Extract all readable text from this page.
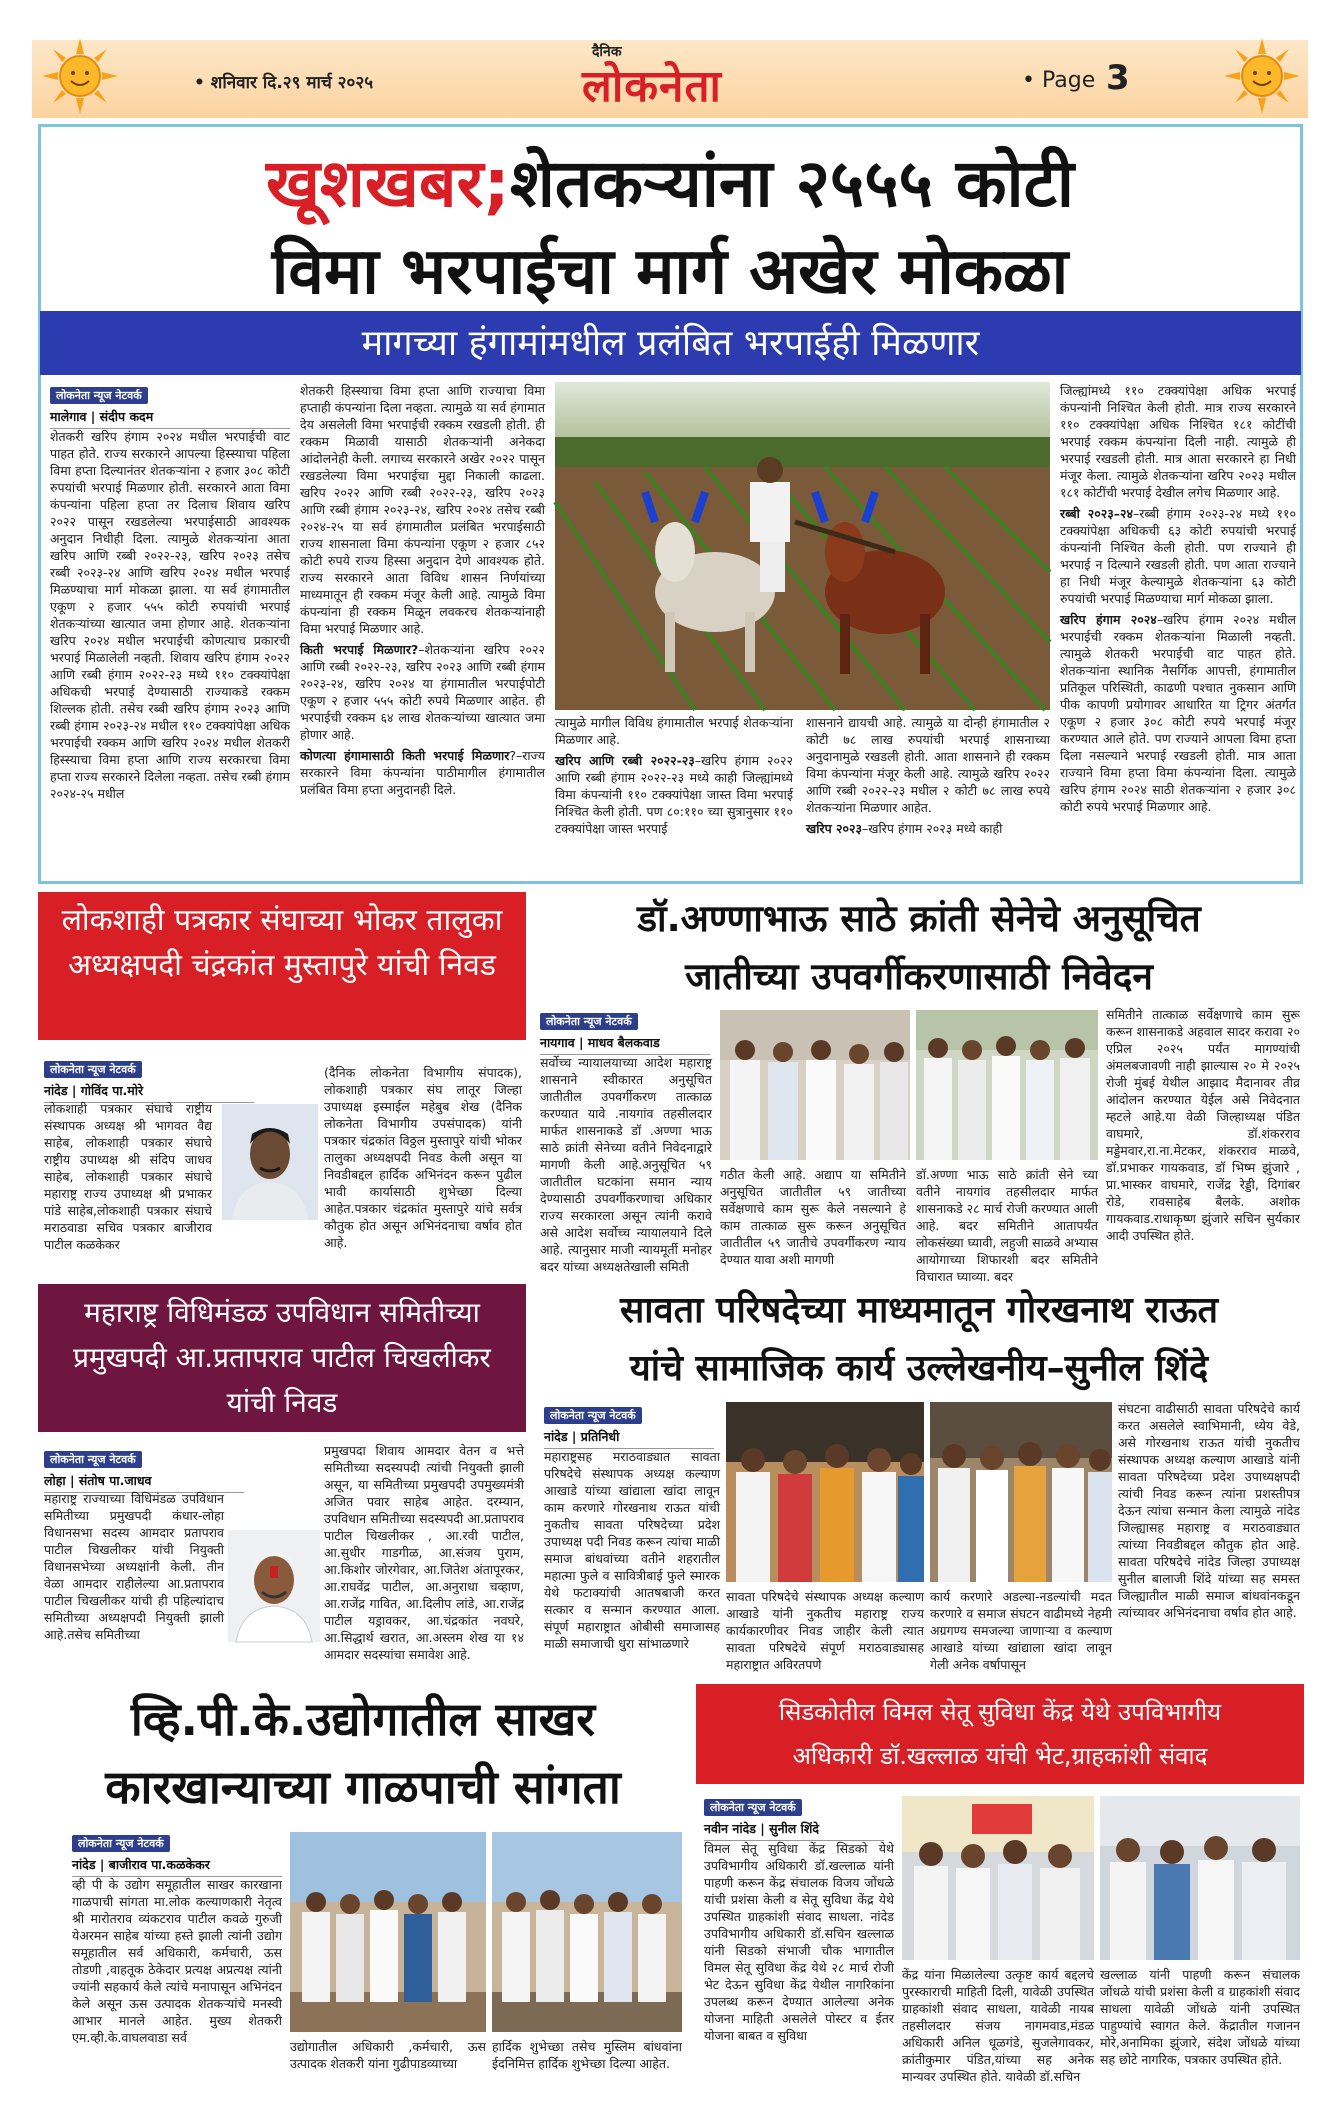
• शनिवार दि.२९ मार्च २०२५
दैनिक
लोकनेता	• Page 3
खूशखबर;शेतकऱ्यांना २५५५ कोटी
विमा भरपाईचा मार्ग अखेर मोकळा
मागच्या हंगामांमधील प्रलंबित भरपाईही मिळणार
लोकनेता न्यूज नेटवर्क
मालेगाव | संदीप कदम
शेतकरी खरिप हंगाम २०२४ मधील भरपाईची वाट पाहत होते. राज्य सरकारने आपल्या हिस्स्याचा पहिला विमा हप्ता दिल्यानंतर शेतकऱ्यांना २ हजार ३०८ कोटी रुपयांची भरपाई मिळणार होती. सरकारने आता विमा कंपन्यांना पहिला हप्ता तर दिलाच शिवाय खरिप २०२२ पासून रखडलेल्या भरपाईसाठी आवश्यक अनुदान निधीही दिला. त्यामुळे शेतकऱ्यांना आता खरिप आणि रब्बी २०२२-२३, खरिप २०२३ तसेच रब्बी २०२३-२४ आणि खरिप २०२४ मधील भरपाई मिळण्याचा मार्ग मोकळा झाला. या सर्व हंगामातील एकूण २ हजार ५५५ कोटी रुपयांची भरपाई शेतकऱ्यांच्या खात्यात जमा होणार आहे. शेतकऱ्यांना खरिप २०२४ मधील भरपाईची कोणत्याच प्रकारची भरपाई मिळालेली नव्हती. शिवाय खरिप हंगाम २०२२ आणि रब्बी हंगाम २०२२-२३ मध्ये ११० टक्क्यांपेक्षा अधिकची भरपाई देण्यासाठी राज्याकडे रक्कम शिल्लक होती. तसेच रब्बी खरिप हंगाम २०२३ आणि रब्बी हंगाम २०२३-२४ मधील ११० टक्क्यांपेक्षा अधिक भरपाईची रक्कम आणि खरिप २०२४ मधील शेतकरी हिस्स्याचा विमा हप्ता आणि राज्य सरकारचा विमा हप्ता राज्य सरकारने दिलेला नव्हता. तसेच रब्बी हंगाम २०२४-२५ मधील

शेतकरी हिस्स्याचा विमा हप्ता आणि राज्याचा विमा हप्ताही कंपन्यांना दिला नव्हता. त्यामुळे या सर्व हंगामात देय असलेली विमा भरपाईची रक्कम रखडली होती. ही रक्कम मिळावी यासाठी शेतकऱ्यांनी अनेकदा आंदोलनेही केली. लगाच्य सरकारने अखेर २०२२ पासून रखडलेल्या विमा भरपाईचा मुद्दा निकाली काढला. खरिप २०२२ आणि रब्बी २०२२-२३, खरिप २०२३ आणि रब्बी हंगाम २०२३-२४, खरिप २०२४ तसेच रब्बी २०२४-२५ या सर्व हंगामातील प्रलंबित भरपाईसाठी राज्य शासनाला विमा कंपन्यांना एकूण २ हजार ८५२ कोटी रुपये राज्य हिस्सा अनुदान देणे आवश्यक होते. राज्य सरकारने आता विविध शासन निर्णयांच्या माध्यमातून ही रक्कम मंजूर केली आहे. त्यामुळे विमा कंपन्यांना ही रक्कम मिळून लवकरच शेतकऱ्यांनाही विमा भरपाई मिळणार आहे.

किती भरपाई मिळणार?–शेतकऱ्यांना खरिप २०२२ आणि रब्बी २०२२-२३, खरिप २०२३ आणि रब्बी हंगाम २०२३-२४, खरिप २०२४ या हंगामातील भरपाईपोटी एकूण २ हजार ५५५ कोटी रुपये मिळणार आहेत. ही भरपाईची रक्कम ६४ लाख शेतकऱ्यांच्या खात्यात जमा होणार आहे.

कोणत्या हंगामासाठी किती भरपाई मिळणार?–राज्य सरकारने विमा कंपन्यांना पाठीमागील हंगामातील प्रलंबित विमा हप्ता अनुदानही दिले.

त्यामुळे मागील विविध हंगामातील भरपाई शेतकऱ्यांना मिळणार आहे.

खरिप आणि रब्बी २०२२-२३–खरिप हंगाम २०२२ आणि रब्बी हंगाम २०२२-२३ मध्ये काही जिल्ह्यांमध्ये विमा कंपन्यांनी ११० टक्क्यांपेक्षा जास्त विमा भरपाई निश्चित केली होती. पण ८०:११० च्या सुत्रानुसार ११० टक्क्यांपेक्षा जास्त भरपाई

शासनाने द्यायची आहे. त्यामुळे या दोन्ही हंगामातील २ कोटी ७८ लाख रुपयांची भरपाई शासनाच्या अनुदानामुळे रखडली होती. आता शासनाने ही रक्कम विमा कंपन्यांना मंजूर केली आहे. त्यामुळे खरिप २०२२ आणि रब्बी २०२२-२३ मधील २ कोटी ७८ लाख रुपये शेतकऱ्यांना मिळणार आहेत.

खरिप २०२३–खरिप हंगाम २०२३ मध्ये काही

जिल्ह्यांमध्ये ११० टक्क्यांपेक्षा अधिक भरपाई कंपन्यांनी निश्चित केली होती. मात्र राज्य सरकारने ११० टक्क्यांपेक्षा अधिक निश्चित १८१ कोटींची भरपाई रक्कम कंपन्यांना दिली नाही. त्यामुळे ही भरपाई रखडली होती. मात्र आता सरकारने हा निधी मंजूर केला. त्यामुळे शेतकऱ्यांना खरिप २०२३ मधील १८१ कोटींची भरपाई देखील लगेच मिळणार आहे.

रब्बी २०२३–२४–रब्बी हंगाम २०२३-२४ मध्ये ११० टक्क्यांपेक्षा अधिकची ६३ कोटी रुपयांची भरपाई कंपन्यांनी निश्चित केली होती. पण राज्याने ही भरपाई न दिल्याने रखडली होती. पण आता राज्याने हा निधी मंजूर केल्यामुळे शेतकऱ्यांना ६३ कोटी रुपयांची भरपाई मिळण्याचा मार्ग मोकळा झाला.

खरिप हंगाम २०२४–खरिप हंगाम २०२४ मधील भरपाईची रक्कम शेतकऱ्यांना मिळाली नव्हती. त्यामुळे शेतकरी भरपाईची वाट पाहत होते. शेतकऱ्यांना स्थानिक नैसर्गिक आपत्ती, हंगामातील प्रतिकूल परिस्थिती, काढणी पश्चात नुकसान आणि पीक कापणी प्रयोगावर आधारित या ट्रिगर अंतर्गत एकूण २ हजार ३०८ कोटी रुपये भरपाई मंजूर करण्यात आले होते. पण राज्याने आपला विमा हप्ता दिला नसल्याने भरपाई रखडली होती. मात्र आता राज्याने विमा हप्ता विमा कंपन्यांना दिला. त्यामुळे खरिप हंगाम २०२४ साठी शेतकऱ्यांना २ हजार ३०८ कोटी रुपये भरपाई मिळणार आहे.

लोकशाही पत्रकार संघाच्या भोकर तालुका अध्यक्षपदी चंद्रकांत मुस्तापुरे यांची निवड
लोकनेता न्यूज नेटवर्क
नांदेड | गोविंद पा.मोरे
लोकशाही पत्रकार संघाचे राष्ट्रीय संस्थापक अध्यक्ष श्री भागवत वैद्य साहेब, लोकशाही पत्रकार संघाचे राष्ट्रीय उपाध्यक्ष श्री संदिप जाधव साहेब, लोकशाही पत्रकार संघाचे महाराष्ट्र राज्य उपाध्यक्ष श्री प्रभाकर पांडे साहेब,लोकशाही पत्रकार संघाचे मराठवाडा सचिव पत्रकार बाजीराव पाटील कळकेकर
(दैनिक लोकनेता विभागीय संपादक), लोकशाही पत्रकार संघ लातूर जिल्हा उपाध्यक्ष इस्माईल महेबुब शेख (दैनिक लोकनेता विभागीय उपसंपादक) यांनी पत्रकार चंद्रकांत विठ्ठल मुस्तापुरे यांची भोकर तालुका अध्यक्षपदी निवड केली असून या निवडीबद्दल हार्दिक अभिनंदन करून पुढील भावी कार्यासाठी शुभेच्छा दिल्या आहेत.पत्रकार चंद्रकांत मुस्तापुरे यांचे सर्वत्र कौतुक होत असून अभिनंदनाचा वर्षाव होत आहे.
डॉ.अण्णाभाऊ साठे क्रांती सेनेचे अनुसूचित
जातीच्या उपवर्गीकरणासाठी निवेदन
लोकनेता न्यूज नेटवर्क
नायगाव | माधव बैलकवाड
सर्वोच्च न्यायालयाच्या आदेश महाराष्ट्र शासनाने स्वीकारत अनुसूचित जातीतील उपवर्गीकरण तात्काळ करण्यात यावे .नायगांव तहसीलदार मार्फत शासनाकडे डॉ .अण्णा भाऊ साठे क्रांती सेनेच्या वतीने निवेदनाद्वारे मागणी केली आहे.अनुसूचित ५९ जातीतील घटकांना समान न्याय देण्यासाठी उपवर्गीकरणाचा अधिकार राज्य सरकारला असून त्यांनी करावे असे आदेश सर्वोच्च न्यायालयाने दिले आहे. त्यानुसार माजी न्यायमूर्ती मनोहर बदर यांच्या अध्यक्षतेखाली समिती
गठीत केली आहे. अद्याप या समितीने अनुसूचित जातीतील ५९ जातीच्या सर्वेक्षणाचे काम सुरू केले नसल्याने हे काम तात्काळ सुरू करून अनुसूचित जातीतील ५९ जातीचे उपवर्गीकरण न्याय देण्यात यावा अशी मागणी
डॉ.अण्णा भाऊ साठे क्रांती सेने च्या वतीने नायगांव तहसीलदार मार्फत शासनाकडे २८ मार्च रोजी करण्यात आली आहे. बदर समितीने आतापर्यंत लोकसंख्या घ्यावी, लहुजी साळवे अभ्यास आयोगाच्या शिफारशी बदर समितीने विचारात घ्याव्या. बदर
समितीने तात्काळ सर्वेक्षणाचे काम सुरू करून शासनाकडे अहवाल सादर करावा २० एप्रिल २०२५ पर्यंत मागण्यांची अंमलबजावणी नाही झाल्यास २० मे २०२५ रोजी मुंबई येथील आझाद मैदानावर तीव्र आंदोलन करण्यात येईल असे निवेदनात म्हटले आहे.या वेळी जिल्हाध्यक्ष पंडित वाघमारे, डॉ.शंकरराव मड्डेमवार,रा.ना.मेटकर, शंकरराव माळवे, डॉ.प्रभाकर गायकवाड, डॉ भिष्म झुंजारे , प्रा.भास्कर वाघमारे, राजेंद्र रेड्डी, दिगांबर रोडे, रावसाहेब बैलके. अशोक गायकवाड.राधाकृष्ण झुंजारे सचिन सुर्यकार आदी उपस्थित होते.
महाराष्ट्र विधिमंडळ उपविधान समितीच्या प्रमुखपदी आ.प्रतापराव पाटील चिखलीकर यांची निवड
लोकनेता न्यूज नेटवर्क
लोहा | संतोष पा.जाधव
महाराष्ट्र राज्याच्या विधिमंडळ उपविधान समितीच्या प्रमुखपदी कंधार-लोहा विधानसभा सदस्य आमदार प्रतापराव पाटील चिखलीकर यांची नियुक्ती विधानसभेच्या अध्यक्षांनी केली. तीन वेळा आमदार राहीलेल्या आ.प्रतापराव पाटील चिखलीकर यांची ही पहिल्यांदाच समितीच्या अध्यक्षपदी नियुक्ती झाली आहे.तसेच समितीच्या
प्रमुखपदा शिवाय आमदार वेतन व भत्ते समितीच्या सदस्यपदी त्यांची नियुक्ती झाली असून, या समितीच्या प्रमुखपदी उपमुख्यमंत्री अजित पवार साहेब आहेत. दरम्यान, उपविधान समितीच्या सदस्यपदी आ.प्रतापराव पाटील चिखलीकर , आ.रवी पाटील, आ.सुधीर गाडगीळ, आ.संजय पुराम, आ.किशोर जोरगेवार, आ.जितेश अंतापूरकर, आ.राघवेंद्र पाटील, आ.अनुराधा चव्हाण, आ.राजेंद्र गावित, आ.दिलीप लांडे, आ.राजेंद्र पाटील यड्रावकर, आ.चंद्रकांत नवघरे, आ.सिद्धार्थ खरात, आ.अस्लम शेख या १४ आमदार सदस्यांचा समावेश आहे.
सावता परिषदेच्या माध्यमातून गोरखनाथ राऊत
यांचे सामाजिक कार्य उल्लेखनीय–सुनील शिंदे
लोकनेता न्यूज नेटवर्क
नांदेड | प्रतिनिधी
महाराष्ट्रसह मराठवाड्यात सावता परिषदेचे संस्थापक अध्यक्ष कल्याण आखाडे यांच्या खांद्याला खांदा लावून काम करणारे गोरखनाथ राऊत यांची नुकतीच सावता परिषदेच्या प्रदेश उपाध्यक्ष पदी निवड करून त्यांचा माळी समाज बांधवांच्या वतीने शहरातील महात्मा फुले व सावित्रीबाई फुले स्मारक येथे फटाक्यांची आतषबाजी करत सत्कार व सन्मान करण्यात आला. संपूर्ण महाराष्ट्रात ओबीसी समाजासह माळी समाजाची धुरा सांभाळणारे
सावता परिषदेचे संस्थापक अध्यक्ष कल्याण आखाडे यांनी नुकतीच महाराष्ट्र राज्य कार्यकारणीवर निवड जाहीर केली त्यात सावता परिषदेचे संपूर्ण मराठवाड्यासह महाराष्ट्रात अविरतपणे
कार्य करणारे अडल्या-नडल्यांची मदत करणारे व समाज संघटन वाढीमध्ये नेहमी अग्रगण्य समजल्या जाणाऱ्या व कल्याण आखाडे यांच्या खांद्याला खांदा लावून गेली अनेक वर्षापासून
संघटना वाढीसाठी सावता परिषदेचे कार्य करत असलेले स्वाभिमानी, ध्येय वेडे, असे गोरखनाथ राऊत यांची नुकतीच संस्थापक अध्यक्ष कल्याण आखाडे यांनी सावता परिषदेच्या प्रदेश उपाध्यक्षपदी त्यांची निवड करून त्यांना प्रशस्तीपत्र देऊन त्यांचा सन्मान केला त्यामुळे नांदेड जिल्ह्यासह महाराष्ट्र व मराठवाड्यात त्यांच्या निवडीबद्दल कौतुक होत आहे. सावता परिषदेचे नांदेड जिल्हा उपाध्यक्ष सुनील बालाजी शिंदे यांच्या सह समस्त जिल्ह्यातील माळी समाज बांधवांनकडून त्यांच्यावर अभिनंदनाचा वर्षाव होत आहे.
व्हि.पी.के.उद्योगातील साखर
कारखान्याच्या गाळपाची सांगता
लोकनेता न्यूज नेटवर्क
नांदेड | बाजीराव पा.कळकेकर
व्ही पी के उद्योग समूहातील साखर कारखाना गाळपाची सांगता मा.लोक कल्याणकारी नेतृत्व श्री मारोतराव व्यंकटराव पाटील कवळे गुरुजी येअरमन साहेब यांच्या हस्ते झाली त्यांनी उद्योग समूहातील सर्व अधिकारी, कर्मचारी, ऊस तोडणी ,वाहतूक ठेकेदार प्रत्यक्ष अप्रत्यक्ष त्यांनी ज्यांनी सहकार्य केले त्यांचे मनापासून अभिनंदन केले असून ऊस उत्पादक शेतकऱ्यांचे मनस्वी आभार मानले आहेत. मुख्य शेतकरी एम.व्ही.के.वाघलवाडा सर्व
उद्योगातील अधिकारी ,कर्मचारी, ऊस उत्पादक शेतकरी यांना गुढीपाडव्याच्या
हार्दिक शुभेच्छा तसेच मुस्लिम बांधवांना ईदनिमित्त हार्दिक शुभेच्छा दिल्या आहेत.
सिडकोतील विमल सेतू सुविधा केंद्र येथे उपविभागीय
अधिकारी डॉ.खल्लाळ यांची भेट,ग्राहकांशी संवाद
लोकनेता न्यूज नेटवर्क
नवीन नांदेड | सुनील शिंदे
विमल सेतू सुविधा केंद्र सिडको येथे उपविभागीय अधिकारी डॉ.खल्लाळ यांनी पाहणी करून केंद्र संचालक विजय जोंधळे यांची प्रशंसा केली व सेतू सुविधा केंद्र येथे उपस्थित ग्राहकांशी संवाद साधला. नांदेड उपविभागीय अधिकारी डॉ.सचिन खल्लाळ यांनी सिडको संभाजी चौक भागातील विमल सेतू सुविधा केंद्र येथे २८ मार्च रोजी भेट देऊन सुविधा केंद्र येथील नागरिकांना उपलब्ध करून देण्यात आलेल्या अनेक योजना माहिती असलेले पोस्टर व ईतर योजना बाबत व सुविधा
केंद्र यांना मिळालेल्या उत्कृष्ट कार्य बद्दलचे पुरस्काराची माहिती दिली, यावेळी उपस्थित ग्राहकांशी संवाद साधला, यावेळी नायब तहसीलदार संजय नागमवाड,मंडळ अधिकारी अनिल धूळगंडे, सुजलेगावकर, क्रांतीकुमार पंडित,यांच्या सह अनेक मान्यवर उपस्थित होते. यावेळी डॉ.सचिन
खल्लाळ यांनी पाहणी करून संचालक जोंधळे यांची प्रशंसा केली व ग्राहकांशी संवाद साधला यावेळी जोंधळे यांनी उपस्थित पाहुण्यांचे स्वागत केले. केंद्रातील गजानन मोरे,अनामिका झुंजारे, संदेश जोंधळे यांच्या सह छोटे नागरिक, पत्रकार उपस्थित होते.
